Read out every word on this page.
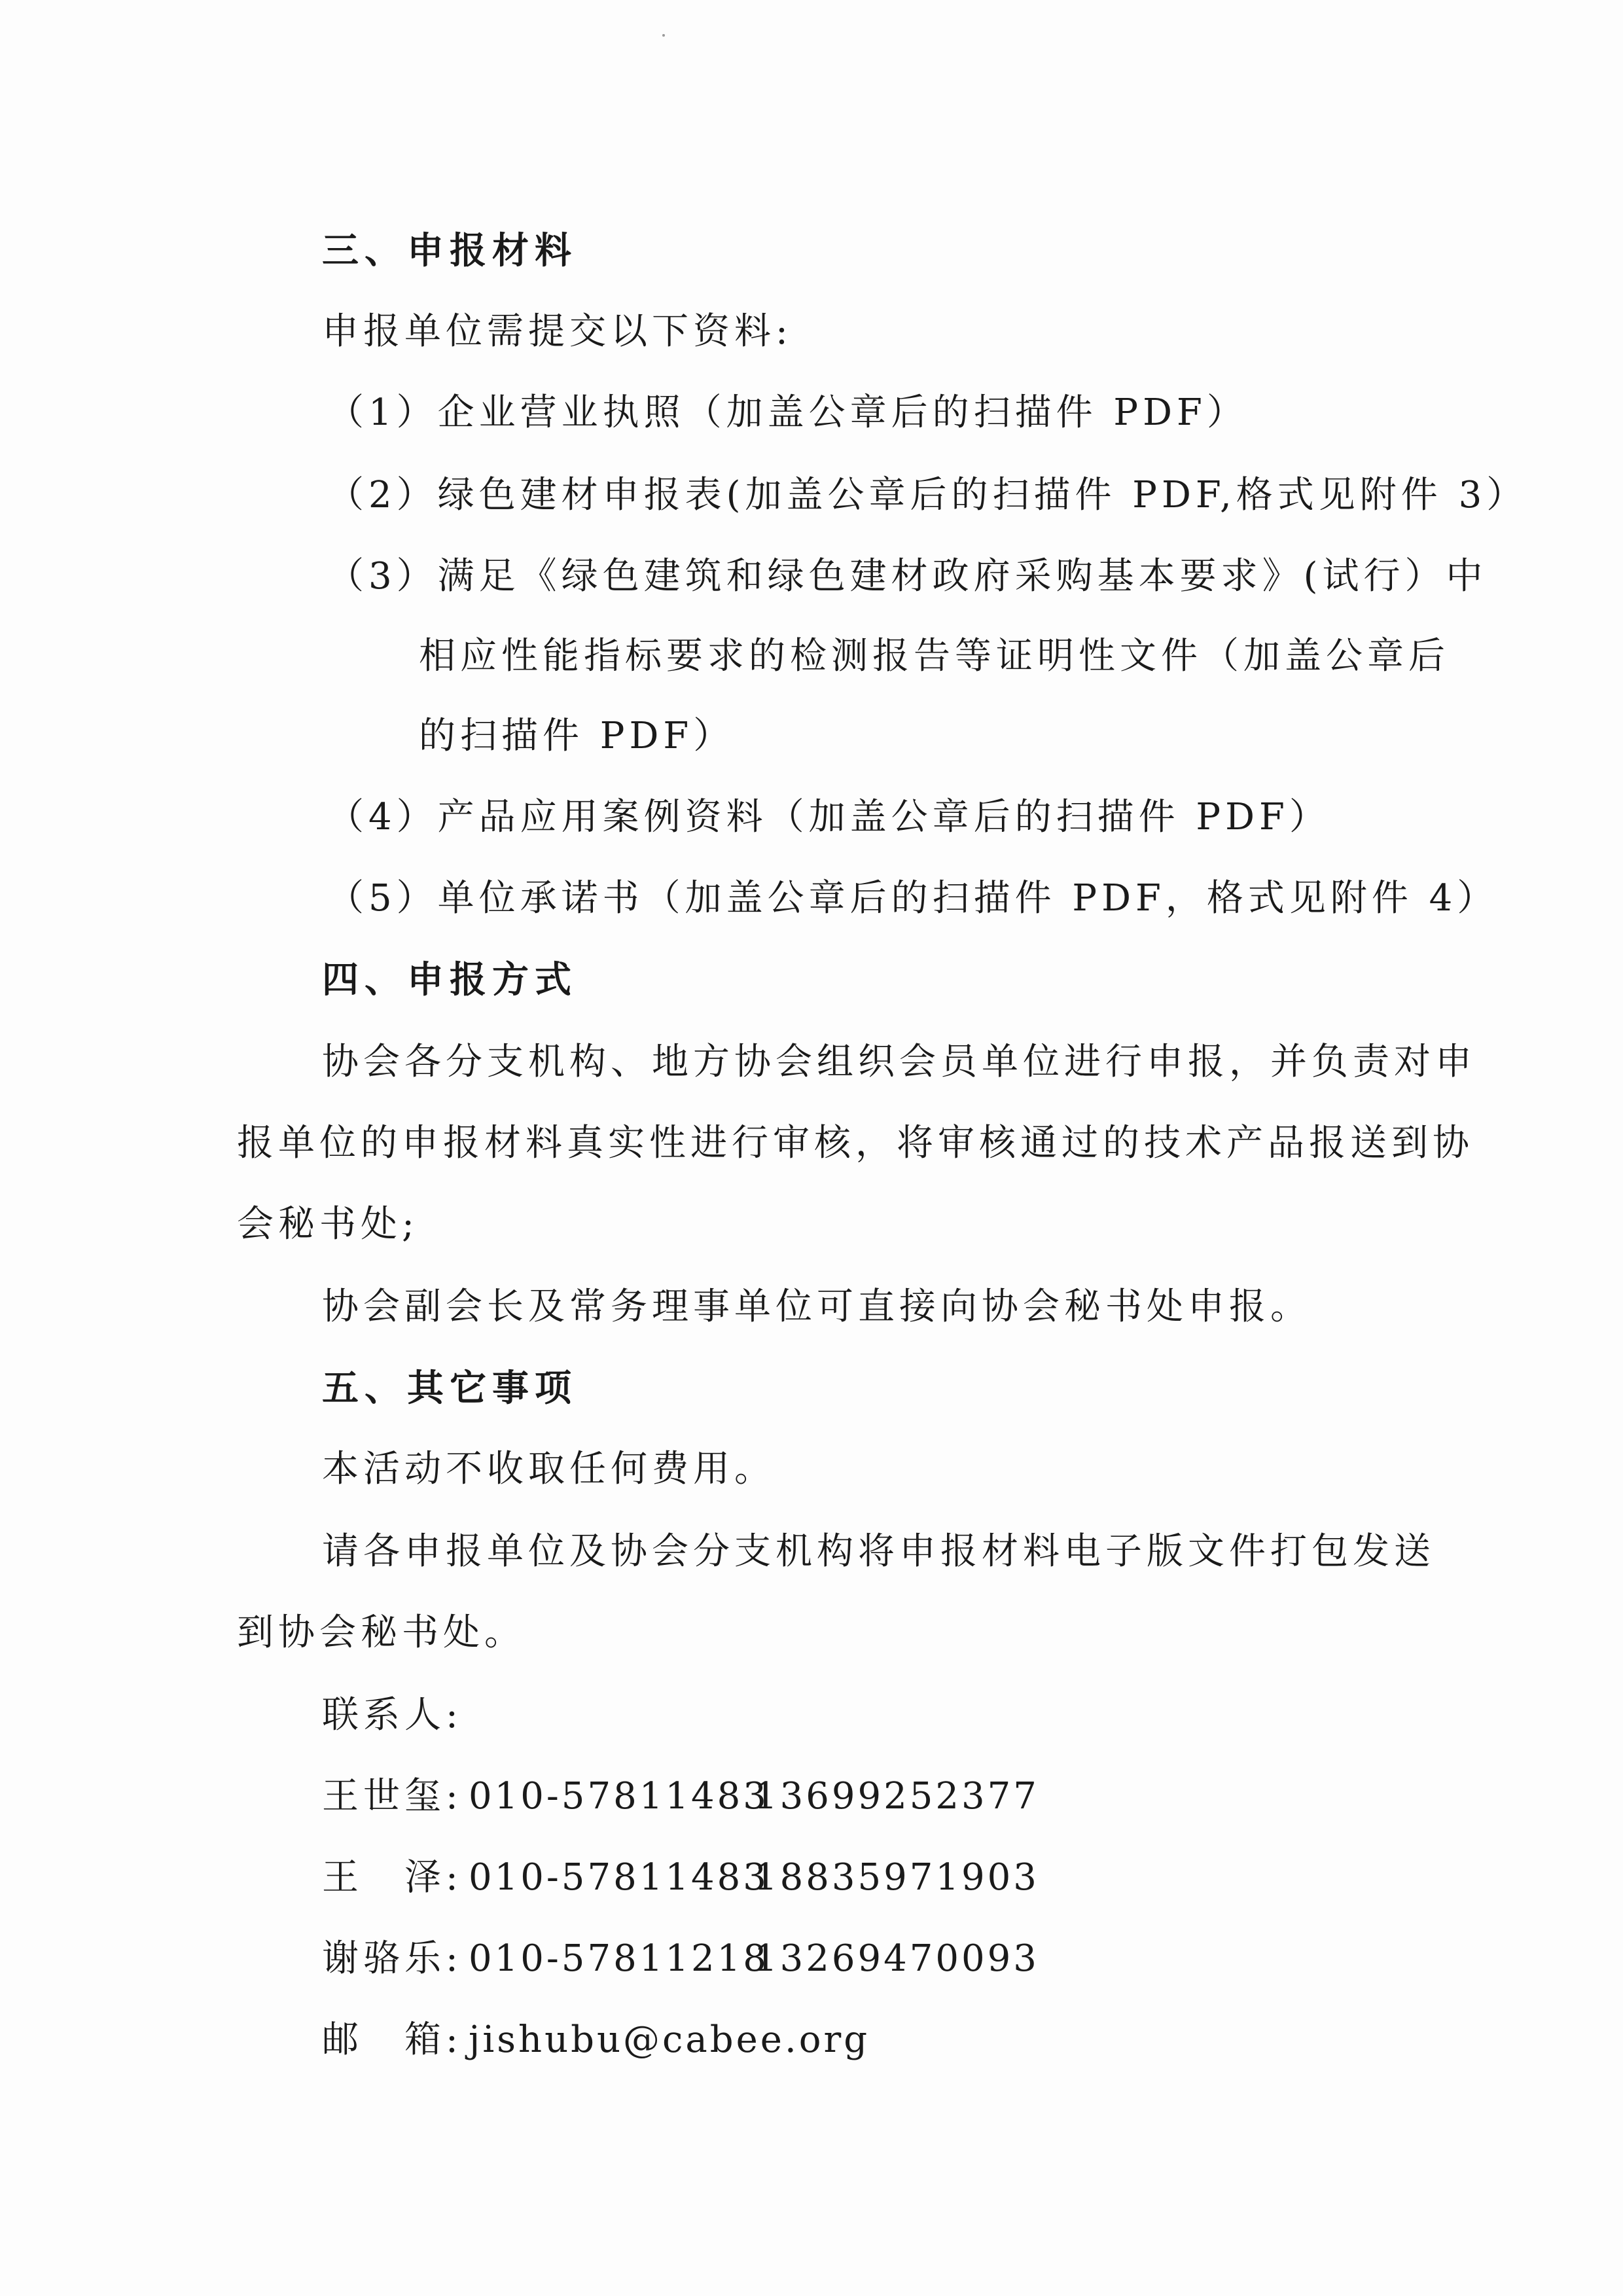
三、申报材料
申报单位需提交以下资料:
（1）企业营业执照（加盖公章后的扫描件 PDF）
（2）绿色建材申报表(加盖公章后的扫描件 PDF,格式见附件 3）
（3）满足《绿色建筑和绿色建材政府采购基本要求》(试行）中
相应性能指标要求的检测报告等证明性文件（加盖公章后
的扫描件 PDF）
（4）产品应用案例资料（加盖公章后的扫描件 PDF）
（5）单位承诺书（加盖公章后的扫描件 PDF，格式见附件 4）
四、申报方式
协会各分支机构、地方协会组织会员单位进行申报，并负责对申
报单位的申报材料真实性进行审核，将审核通过的技术产品报送到协
会秘书处;
协会副会长及常务理事单位可直接向协会秘书处申报。
五、其它事项
本活动不收取任何费用。
请各申报单位及协会分支机构将申报材料电子版文件打包发送
到协会秘书处。
联系人:
王世玺: 010-57811483
13699252377
王　泽: 010-57811483
18835971903
谢骆乐: 010-57811218
13269470093
邮　箱: jishubu@cabee.org
